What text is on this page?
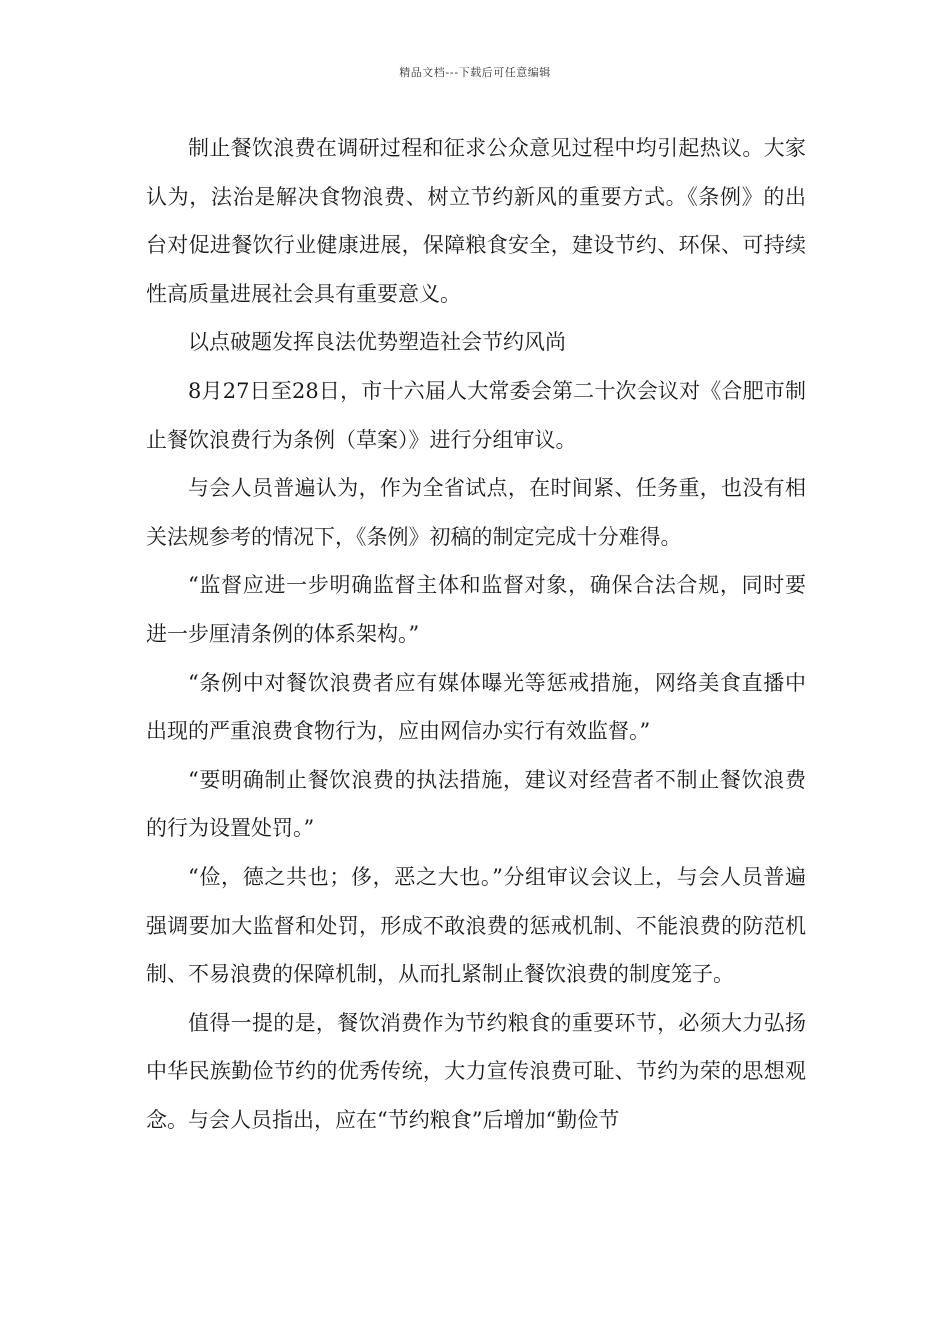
精品文档---下载后可任意编辑

制止餐饮浪费在调研过程和征求公众意见过程中均引起热议。大家认为，法治是解决食物浪费、树立节约新风的重要方式。《条例》的出台对促进餐饮行业健康进展，保障粮食安全，建设节约、环保、可持续性高质量进展社会具有重要意义。

以点破题发挥良法优势塑造社会节约风尚

8月27日至28日，市十六届人大常委会第二十次会议对《合肥市制止餐饮浪费行为条例（草案）》进行分组审议。

与会人员普遍认为，作为全省试点，在时间紧、任务重，也没有相关法规参考的情况下，《条例》初稿的制定完成十分难得。

“监督应进一步明确监督主体和监督对象，确保合法合规，同时要进一步厘清条例的体系架构。”

“条例中对餐饮浪费者应有媒体曝光等惩戒措施，网络美食直播中出现的严重浪费食物行为，应由网信办实行有效监督。”

“要明确制止餐饮浪费的执法措施，建议对经营者不制止餐饮浪费的行为设置处罚。”

“俭，德之共也；侈，恶之大也。”分组审议会议上，与会人员普遍强调要加大监督和处罚，形成不敢浪费的惩戒机制、不能浪费的防范机制、不易浪费的保障机制，从而扎紧制止餐饮浪费的制度笼子。

值得一提的是，餐饮消费作为节约粮食的重要环节，必须大力弘扬中华民族勤俭节约的优秀传统，大力宣传浪费可耻、节约为荣的思想观念。与会人员指出，应在“节约粮食”后增加“勤俭节
